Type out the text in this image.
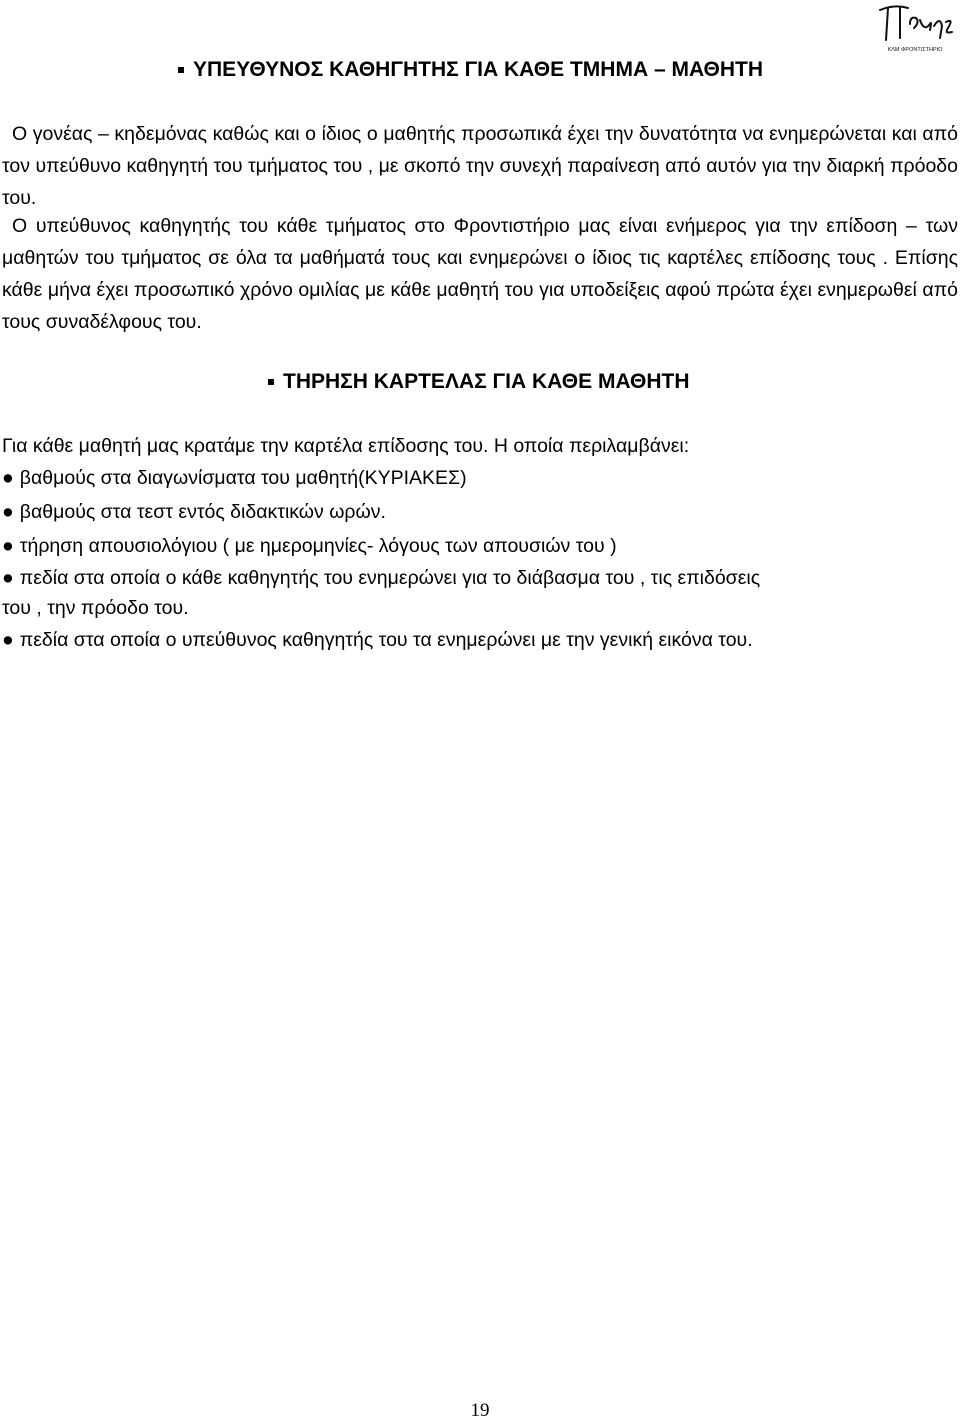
ΚΛΜ ΦΡΟΝΤΙΣΤΗΡΙΟ
ΥΠΕΥΘΥΝΟΣ ΚΑΘΗΓΗΤΗΣ ΓΙΑ ΚΑΘΕ ΤΜΗΜΑ – ΜΑΘΗΤΗ
Ο γονέας – κηδεμόνας καθώς και ο ίδιος ο μαθητής προσωπικά έχει την δυνατότητα να ενημερώνεται και από τον υπεύθυνο καθηγητή του τμήματος του , με σκοπό την συνεχή παραίνεση από αυτόν για την διαρκή πρόοδο του.
Ο υπεύθυνος καθηγητής του κάθε τμήματος στο Φροντιστήριο μας είναι ενήμερος για την επίδοση – των μαθητών του τμήματος σε όλα τα μαθήματά τους και ενημερώνει ο ίδιος τις καρτέλες επίδοσης τους . Επίσης κάθε μήνα έχει προσωπικό χρόνο ομιλίας με κάθε μαθητή του για υποδείξεις αφού πρώτα έχει ενημερωθεί από τους συναδέλφους του.
ΤΗΡΗΣΗ ΚΑΡΤΕΛΑΣ ΓΙΑ ΚΑΘΕ ΜΑΘΗΤΗ
Για κάθε μαθητή μας κρατάμε την καρτέλα επίδοσης του. Η οποία περιλαμβάνει:
● βαθμούς στα διαγωνίσματα του μαθητή(ΚΥΡΙΑΚΕΣ)
● βαθμούς στα τεστ εντός διδακτικών ωρών.
● τήρηση απουσιολόγιου ( με ημερομηνίες- λόγους των απουσιών του )
● πεδία στα οποία ο κάθε καθηγητής του ενημερώνει για το διάβασμα του , τις επιδόσεις
του , την πρόοδο του.
● πεδία στα οποία ο υπεύθυνος καθηγητής του τα ενημερώνει με την γενική εικόνα του.
19
